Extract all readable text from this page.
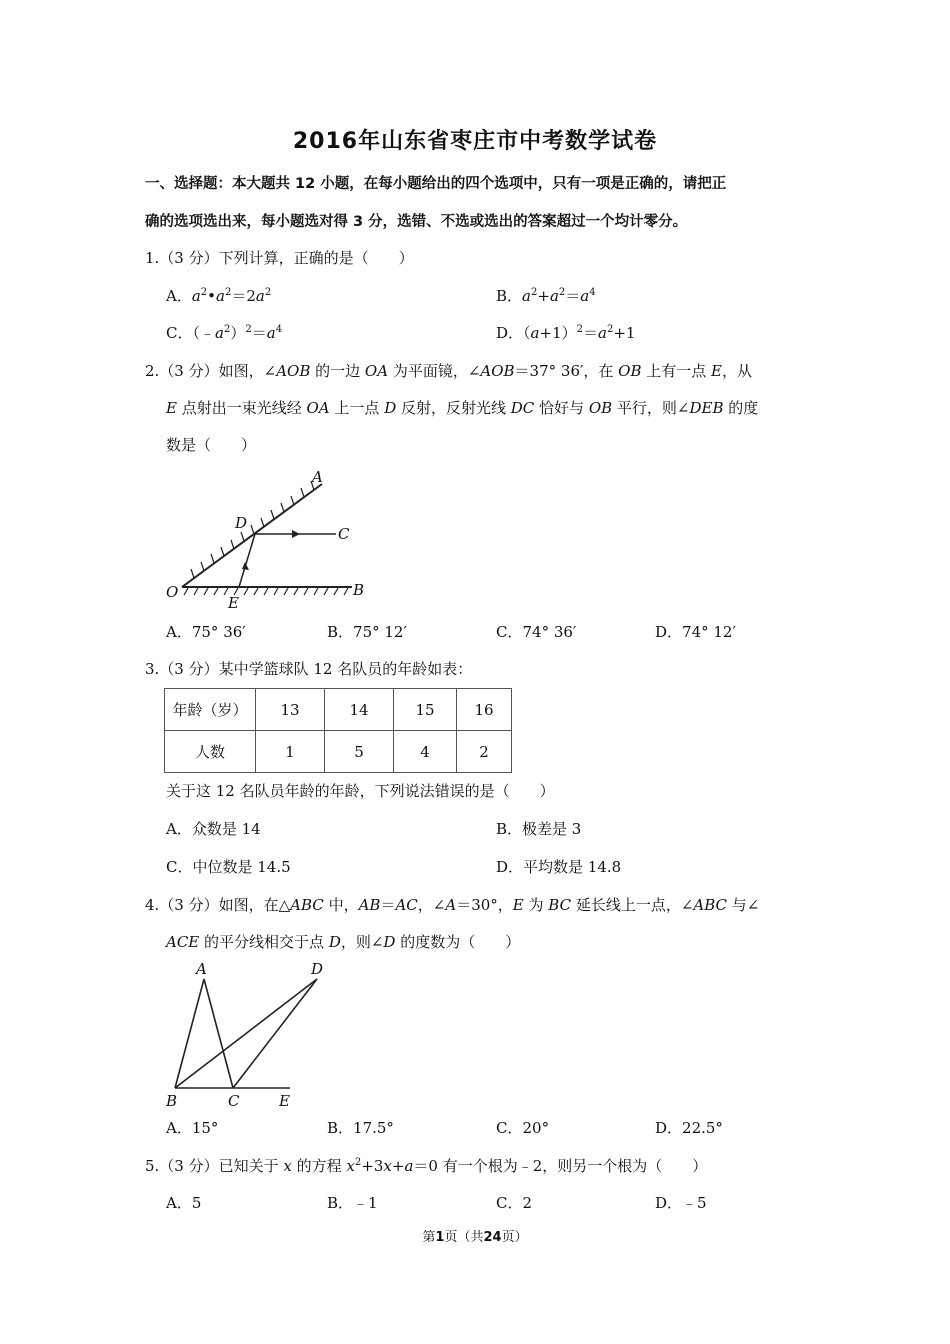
2016年山东省枣庄市中考数学试卷
一、选择题：本大题共 12 小题，在每小题给出的四个选项中，只有一项是正确的，请把正
确的选项选出来，每小题选对得 3 分，选错、不选或选出的答案超过一个均计零分。
1.（3 分）下列计算，正确的是（　　）
A．$a^2•a^2=2a^2$	B．$a^2+a^2=a^4$
C．$(﹣a^2)^2=a^4$	D．$(a+1)^2=a^2+1$
2.（3 分）如图，∠AOB 的一边 OA 为平面镜，∠AOB＝37° 36′，在 OB 上有一点 E，从
E 点射出一束光线经 OA 上一点 D 反射，反射光线 DC 恰好与 OB 平行，则∠DEB 的度
数是（　　）
A
C
D
O	B
E
A．75° 36′	B．75° 12′	C．74° 36′	D．74° 12′
3.（3 分）某中学篮球队 12 名队员的年龄如表：
年龄（岁）	13	14	15	16
人数	1	5	4	2
关于这 12 名队员年龄的年龄，下列说法错误的是（　　）
A．众数是 14	B．极差是 3
C．中位数是 14.5	D．平均数是 14.8
4.（3 分）如图，在△ABC 中，AB＝AC，∠A＝30°，E 为 BC 延长线上一点，∠ABC 与∠
ACE 的平分线相交于点 D，则∠D 的度数为（　　）
A	D
B	C	E
A．15°	B．17.5°	C．20°	D．22.5°
5.（3 分）已知关于 x 的方程 $x^2+3x+a=0$ 有一个根为﹣2，则另一个根为（　　）
A．5	B．﹣1	C．2	D．﹣5
第1页（共24页）
